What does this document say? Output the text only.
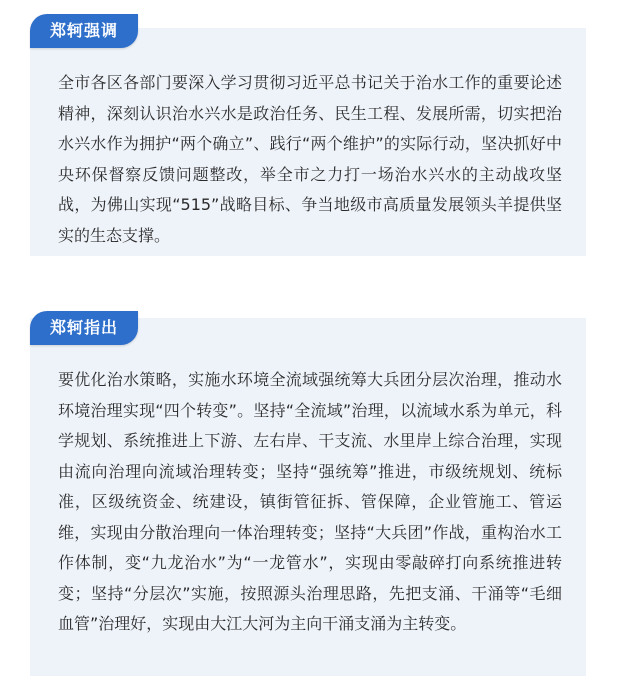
郑轲强调

全市各区各部门要深入学习贯彻习近平总书记关于治水工作的重要论述精神，深刻认识治水兴水是政治任务、民生工程、发展所需，切实把治水兴水作为拥护“两个确立”、践行“两个维护”的实际行动，坚决抓好中央环保督察反馈问题整改，举全市之力打一场治水兴水的主动战攻坚战，为佛山实现“515”战略目标、争当地级市高质量发展领头羊提供坚实的生态支撑。

郑轲指出

要优化治水策略，实施水环境全流域强统筹大兵团分层次治理，推动水环境治理实现“四个转变”。坚持“全流域”治理，以流域水系为单元，科学规划、系统推进上下游、左右岸、干支流、水里岸上综合治理，实现由流向治理向流域治理转变；坚持“强统筹”推进，市级统规划、统标准，区级统资金、统建设，镇街管征拆、管保障，企业管施工、管运维，实现由分散治理向一体治理转变；坚持“大兵团”作战，重构治水工作体制，变“九龙治水”为“一龙管水”，实现由零敲碎打向系统推进转变；坚持“分层次”实施，按照源头治理思路，先把支涌、干涌等“毛细血管”治理好，实现由大江大河为主向干涌支涌为主转变。
